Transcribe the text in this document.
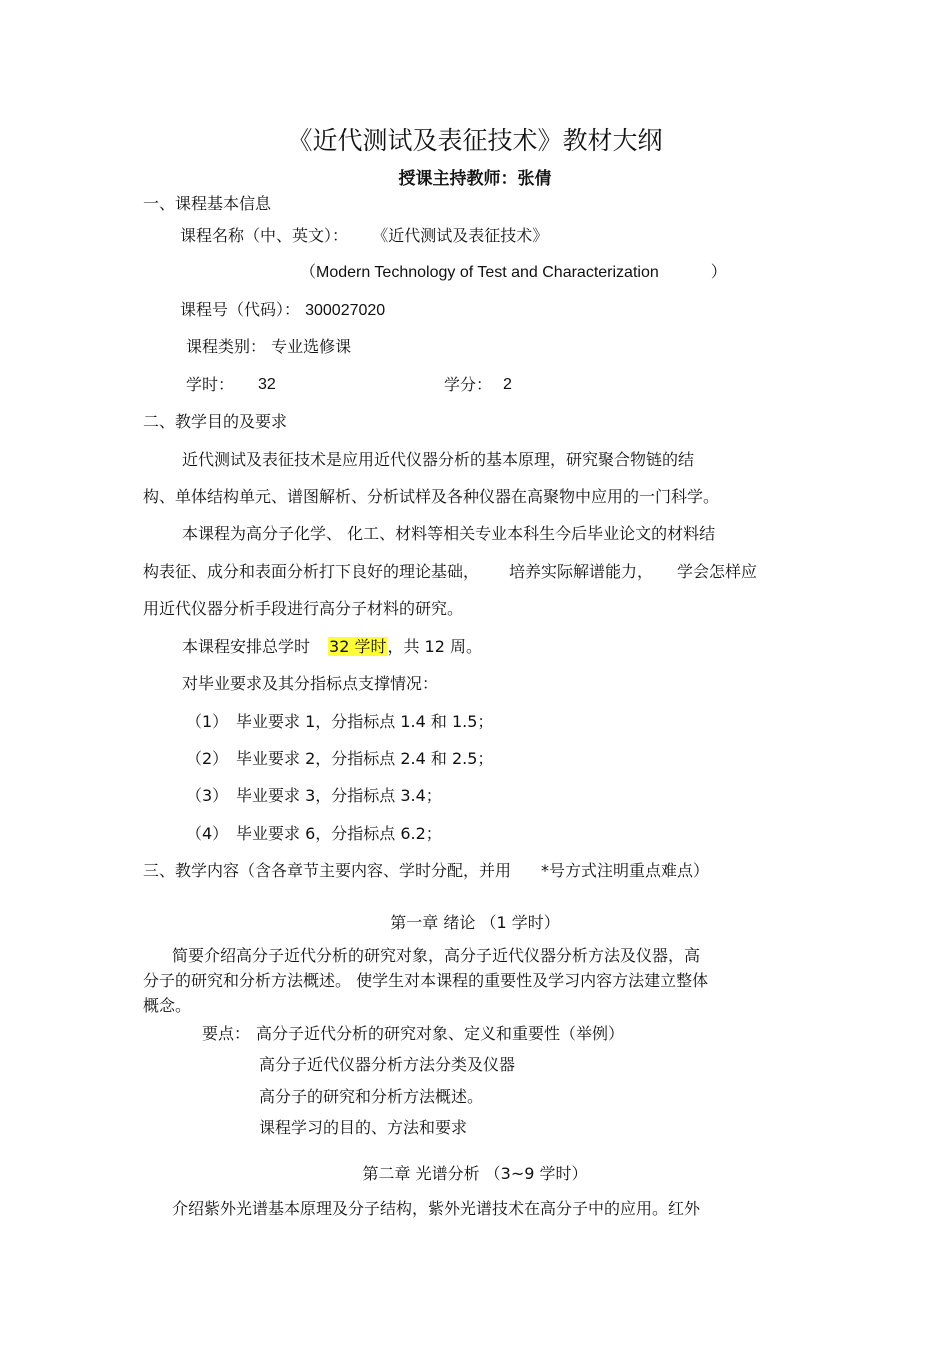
《近代测试及表征技术》教材大纲
授课主持教师：张倩
一、课程基本信息
课程名称（中、英文）： 《近代测试及表征技术》
（Modern Technology of Test and Characterization	）
课程号（代码）： 300027020
课程类别： 专业选修课
学时： 32	学分： 2
二、教学目的及要求
近代测试及表征技术是应用近代仪器分析的基本原理，研究聚合物链的结
构、单体结构单元、谱图解析、分析试样及各种仪器在高聚物中应用的一门科学。
本课程为高分子化学、 化工、材料等相关专业本科生今后毕业论文的材料结
构表征、成分和表面分析打下良好的理论基础， 培养实际解谱能力， 学会怎样应
用近代仪器分析手段进行高分子材料的研究。
本课程安排总学时 32 学时，共 12 周。
对毕业要求及其分指标点支撑情况：
（1） 毕业要求 1，分指标点 1.4 和 1.5；
（2） 毕业要求 2，分指标点 2.4 和 2.5；
（3） 毕业要求 3，分指标点 3.4；
（4） 毕业要求 6，分指标点 6.2；
三、教学内容（含各章节主要内容、学时分配，并用 *号方式注明重点难点）
第一章 绪论 （1 学时）
简要介绍高分子近代分析的研究对象，高分子近代仪器分析方法及仪器，高
分子的研究和分析方法概述。 使学生对本课程的重要性及学习内容方法建立整体
概念。
要点： 高分子近代分析的研究对象、定义和重要性（举例）
高分子近代仪器分析方法分类及仪器
高分子的研究和分析方法概述。
课程学习的目的、方法和要求
第二章 光谱分析 （3~9 学时）
介绍紫外光谱基本原理及分子结构，紫外光谱技术在高分子中的应用。红外
